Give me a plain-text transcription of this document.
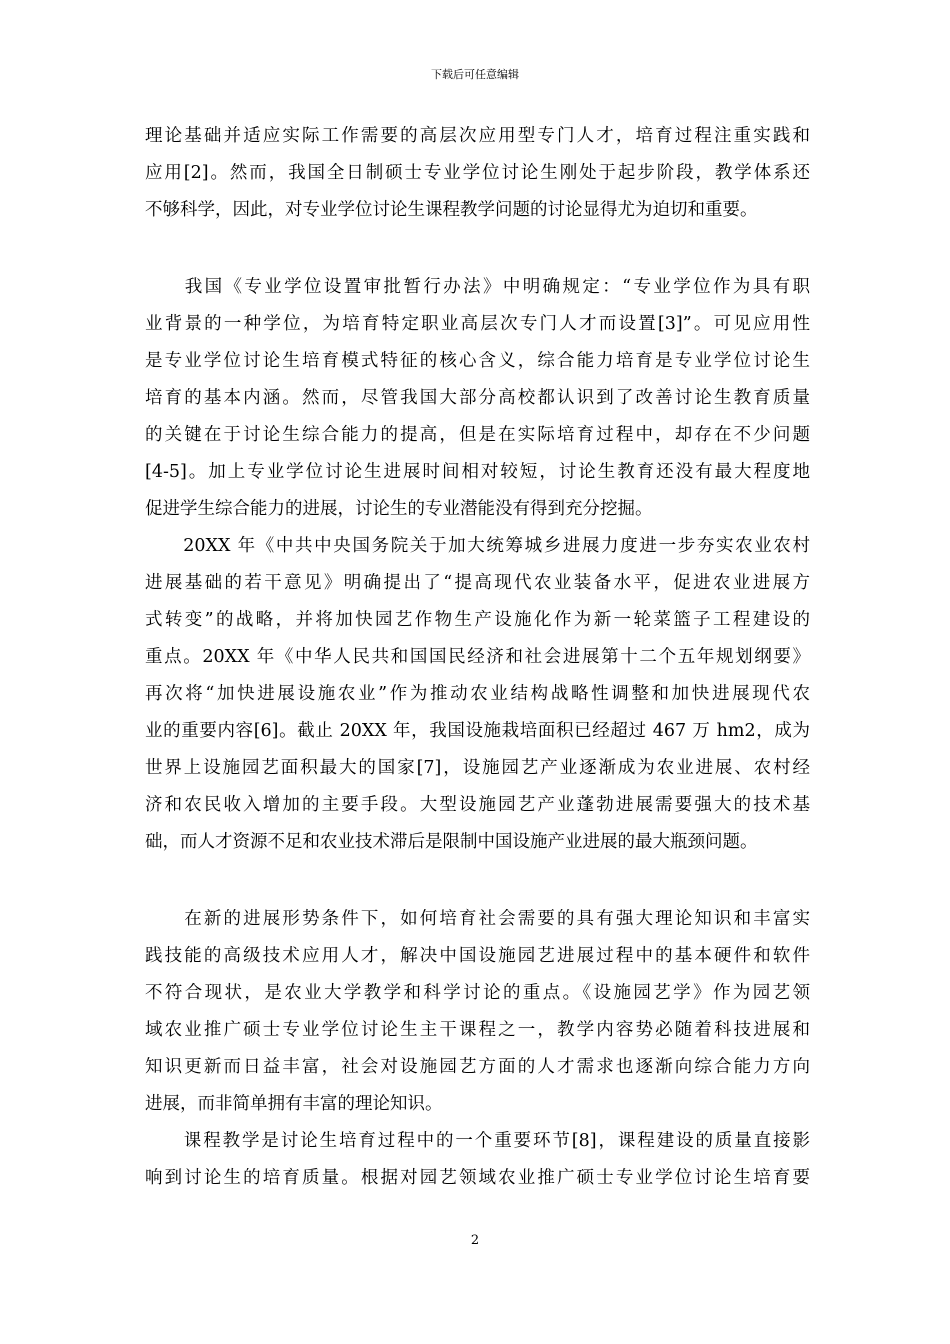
下载后可任意编辑
理论基础并适应实际工作需要的高层次应用型专门人才，培育过程注重实践和
应用[2]。然而，我国全日制硕士专业学位讨论生刚处于起步阶段，教学体系还
不够科学，因此，对专业学位讨论生课程教学问题的讨论显得尤为迫切和重要。
　　我国《专业学位设置审批暂行办法》中明确规定：“专业学位作为具有职
业背景的一种学位，为培育特定职业高层次专门人才而设置[3]”。可见应用性
是专业学位讨论生培育模式特征的核心含义，综合能力培育是专业学位讨论生
培育的基本内涵。然而，尽管我国大部分高校都认识到了改善讨论生教育质量
的关键在于讨论生综合能力的提高，但是在实际培育过程中，却存在不少问题
[4-5]。加上专业学位讨论生进展时间相对较短，讨论生教育还没有最大程度地
促进学生综合能力的进展，讨论生的专业潜能没有得到充分挖掘。
　　20XX 年《中共中央国务院关于加大统筹城乡进展力度进一步夯实农业农村
进展基础的若干意见》明确提出了“提高现代农业装备水平，促进农业进展方
式转变”的战略，并将加快园艺作物生产设施化作为新一轮菜篮子工程建设的
重点。20XX 年《中华人民共和国国民经济和社会进展第十二个五年规划纲要》
再次将“加快进展设施农业”作为推动农业结构战略性调整和加快进展现代农
业的重要内容[6]。截止 20XX 年，我国设施栽培面积已经超过 467 万 hm2，成为
世界上设施园艺面积最大的国家[7]，设施园艺产业逐渐成为农业进展、农村经
济和农民收入增加的主要手段。大型设施园艺产业蓬勃进展需要强大的技术基
础，而人才资源不足和农业技术滞后是限制中国设施产业进展的最大瓶颈问题。
　　在新的进展形势条件下，如何培育社会需要的具有强大理论知识和丰富实
践技能的高级技术应用人才，解决中国设施园艺进展过程中的基本硬件和软件
不符合现状，是农业大学教学和科学讨论的重点。《设施园艺学》作为园艺领
域农业推广硕士专业学位讨论生主干课程之一，教学内容势必随着科技进展和
知识更新而日益丰富，社会对设施园艺方面的人才需求也逐渐向综合能力方向
进展，而非简单拥有丰富的理论知识。
　　课程教学是讨论生培育过程中的一个重要环节[8]，课程建设的质量直接影
响到讨论生的培育质量。根据对园艺领域农业推广硕士专业学位讨论生培育要
2
